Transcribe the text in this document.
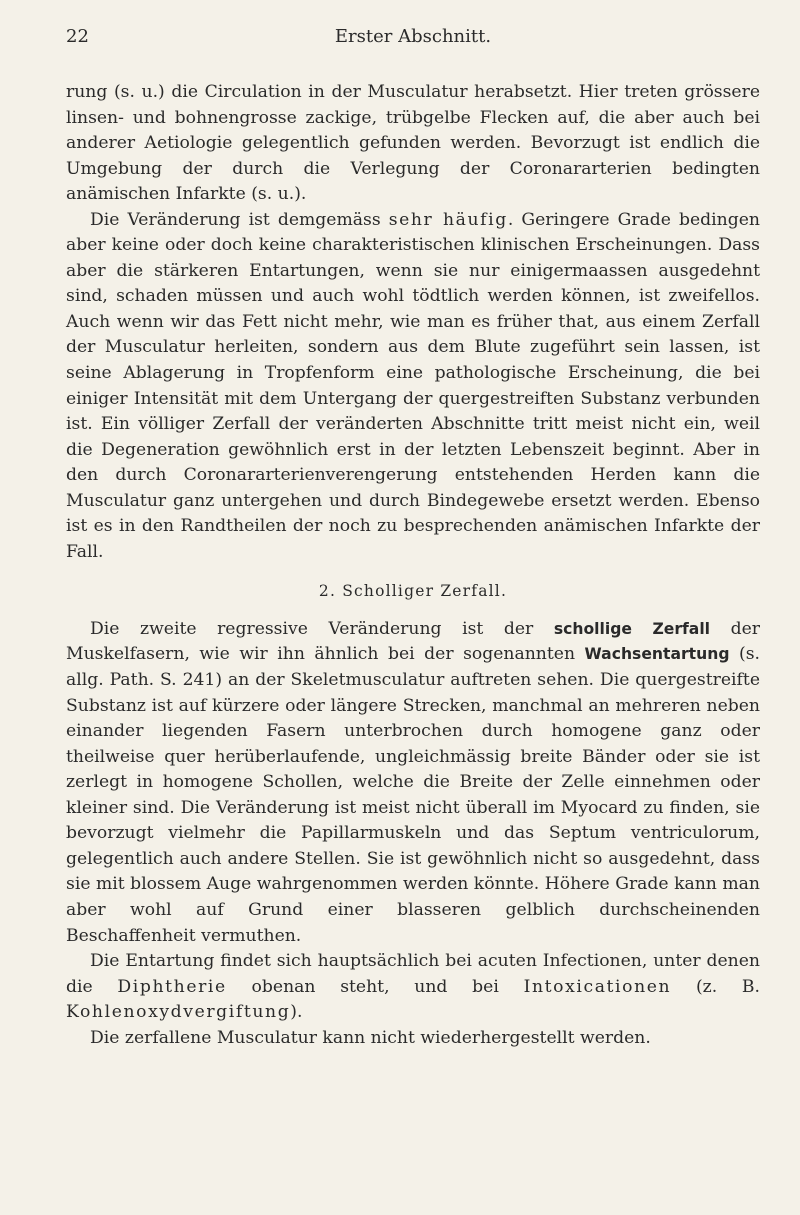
22	Erster Abschnitt.

rung (s. u.) die Circulation in der Musculatur herabsetzt. Hier treten grössere linsen- und bohnengrosse zackige, trübgelbe Flecken auf, die aber auch bei anderer Aetiologie gelegentlich gefunden werden. Bevorzugt ist endlich die Umgebung der durch die Verlegung der Coronararterien bedingten anämischen Infarkte (s. u.).

Die Veränderung ist demgemäss sehr häufig. Geringere Grade bedingen aber keine oder doch keine charakteristischen klinischen Erscheinungen. Dass aber die stärkeren Entartungen, wenn sie nur einigermaassen ausgedehnt sind, schaden müssen und auch wohl tödtlich werden können, ist zweifellos. Auch wenn wir das Fett nicht mehr, wie man es früher that, aus einem Zerfall der Musculatur herleiten, sondern aus dem Blute zugeführt sein lassen, ist seine Ablagerung in Tropfenform eine pathologische Erscheinung, die bei einiger Intensität mit dem Untergang der quergestreiften Substanz verbunden ist. Ein völliger Zerfall der veränderten Abschnitte tritt meist nicht ein, weil die Degeneration gewöhnlich erst in der letzten Lebenszeit beginnt. Aber in den durch Coronararterienverengerung entstehenden Herden kann die Musculatur ganz untergehen und durch Bindegewebe ersetzt werden. Ebenso ist es in den Randtheilen der noch zu besprechenden anämischen Infarkte der Fall.

2. Scholliger Zerfall.

Die zweite regressive Veränderung ist der schollige Zerfall der Muskelfasern, wie wir ihn ähnlich bei der sogenannten Wachsentartung (s. allg. Path. S. 241) an der Skeletmusculatur auftreten sehen. Die quergestreifte Substanz ist auf kürzere oder längere Strecken, manchmal an mehreren neben einander liegenden Fasern unterbrochen durch homogene ganz oder theilweise quer herüberlaufende, ungleichmässig breite Bänder oder sie ist zerlegt in homogene Schollen, welche die Breite der Zelle einnehmen oder kleiner sind. Die Veränderung ist meist nicht überall im Myocard zu finden, sie bevorzugt vielmehr die Papillarmuskeln und das Septum ventriculorum, gelegentlich auch andere Stellen. Sie ist gewöhnlich nicht so ausgedehnt, dass sie mit blossem Auge wahrgenommen werden könnte. Höhere Grade kann man aber wohl auf Grund einer blasseren gelblich durchscheinenden Beschaffenheit vermuthen.

Die Entartung findet sich hauptsächlich bei acuten Infectionen, unter denen die Diphtherie obenan steht, und bei Intoxicationen (z. B. Kohlenoxydvergiftung).

Die zerfallene Musculatur kann nicht wiederhergestellt werden.
